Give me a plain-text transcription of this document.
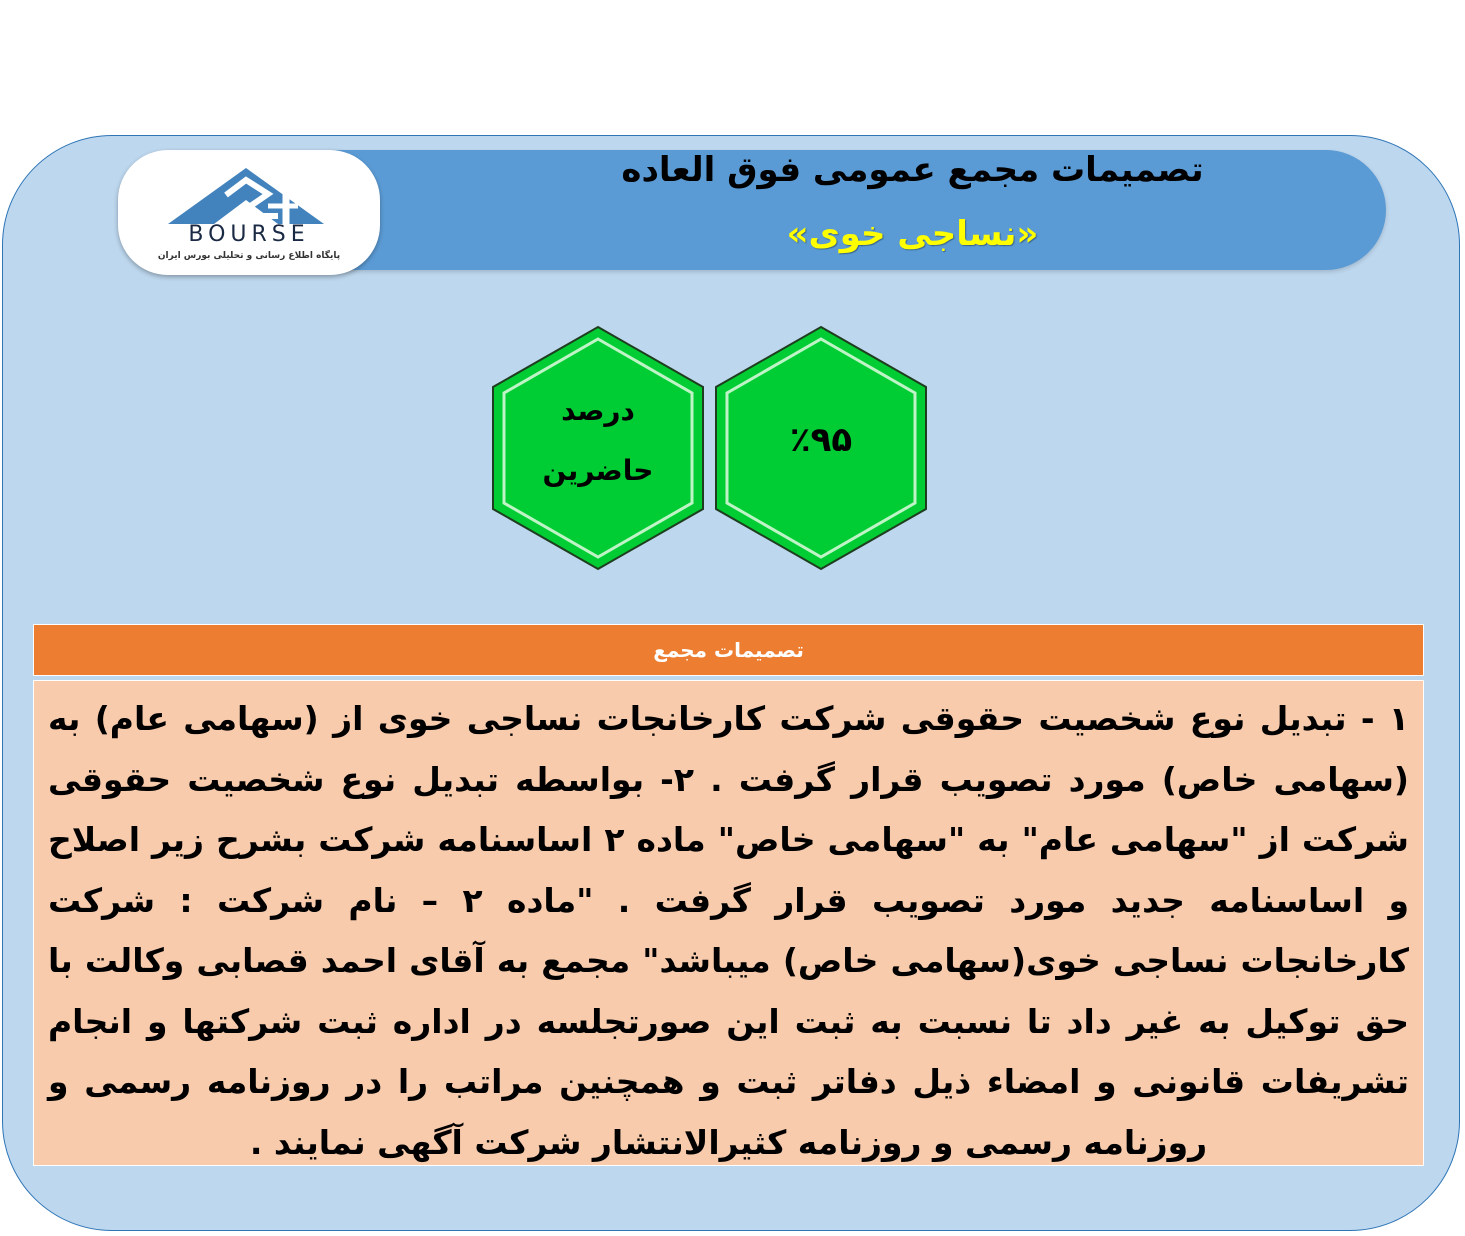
تصمیمات مجمع عمومی فوق العاده
«نساجی خوی»
BOURSE
پایگاه اطلاع رسانی و تحلیلی بورس ایران
٪۹۵
درصد
حاضرین
تصمیمات مجمع
۱ - تبدیل نوع شخصیت حقوقی شرکت کارخانجات نساجی خوی از (سهامی عام) به (سهامی خاص) مورد تصویب قرار گرفت . ۲- بواسطه تبدیل نوع شخصیت حقوقی شرکت از "سهامی عام" به "سهامی خاص" ماده ۲ اساسنامه شرکت بشرح زیر اصلاح و اساسنامه جدید مورد تصویب قرار گرفت . "ماده ۲ – نام شرکت : شرکت کارخانجات نساجی خوی(سهامی خاص) میباشد" مجمع به آقای احمد قصابی وکالت با حق توکیل به غیر داد تا نسبت به ثبت این صورتجلسه در اداره ثبت شرکتها و انجام تشریفات قانونی و امضاء ذیل دفاتر ثبت و همچنین مراتب را در روزنامه رسمی و روزنامه رسمی و روزنامه کثیرالانتشار شرکت آگهی نمایند .
